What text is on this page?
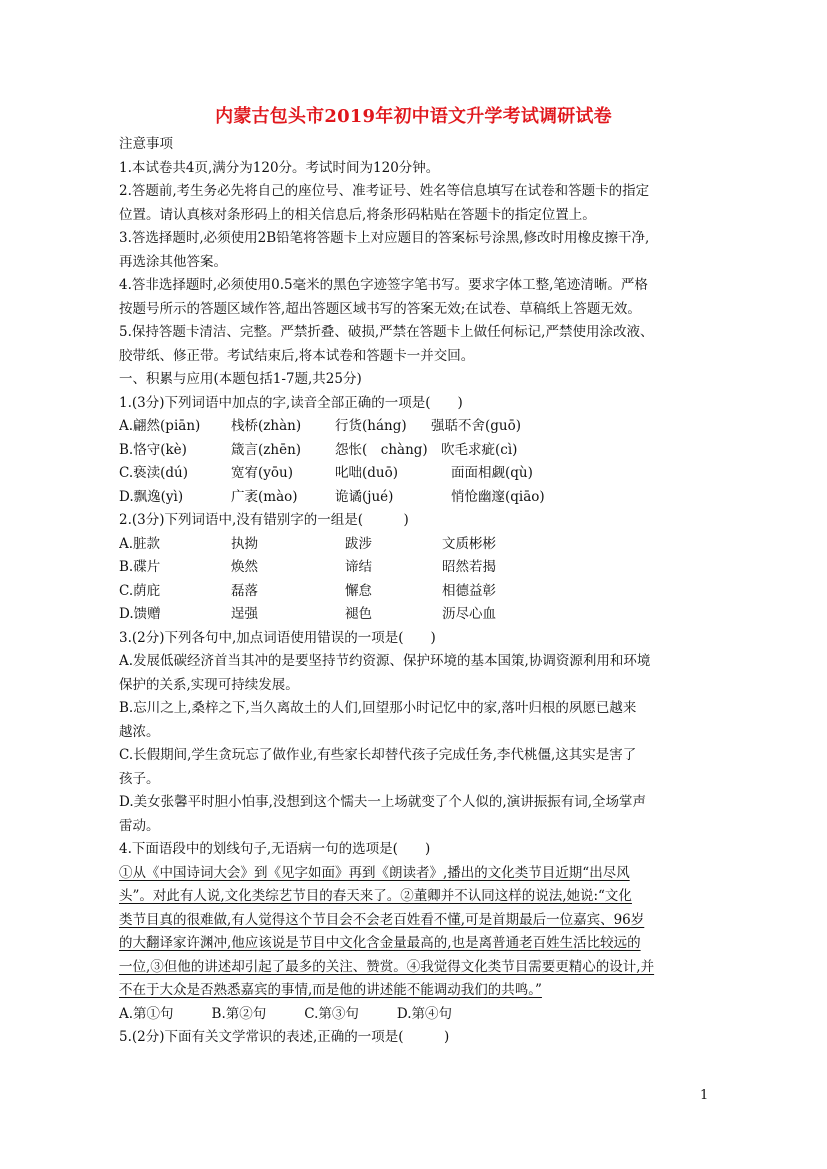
内蒙古包头市2019年初中语文升学考试调研试卷
注意事项
1.本试卷共4页,满分为120分。考试时间为120分钟。
2.答题前,考生务必先将自己的座位号、准考证号、姓名等信息填写在试卷和答题卡的指定
位置。请认真核对条形码上的相关信息后,将条形码粘贴在答题卡的指定位置上。
3.答选择题时,必须使用2B铅笔将答题卡上对应题目的答案标号涂黑,修改时用橡皮擦干净,
再选涂其他答案。
4.答非选择题时,必须使用0.5毫米的黑色字迹签字笔书写。要求字体工整,笔迹清晰。严格
按题号所示的答题区域作答,超出答题区域书写的答案无效;在试卷、草稿纸上答题无效。
5.保持答题卡清洁、完整。严禁折叠、破损,严禁在答题卡上做任何标记,严禁使用涂改液、
胶带纸、修正带。考试结束后,将本试卷和答题卡一并交回。
一、积累与应用(本题包括1-7题,共25分)
1.(3分)下列词语中加点的字,读音全部正确的一项是(　　)
A.翩然(piān)	栈桥(zhàn)	行货(háng)	强聒不舍(guō)
B.恪守(kè)	箴言(zhēn)	怨怅(　chàng) 吹毛求疵(cì)
C.亵渎(dú)	宽宥(yōu)	叱咄(duō)	面面相觑(qù)
D.飘逸(yì)	广袤(mào)	诡谲(jué)	悄怆幽邃(qiāo)
2.(3分)下列词语中,没有错别字的一组是(　　　)
A.脏款	执拗	跋涉	文质彬彬
B.碟片	焕然	谛结	昭然若揭
C.荫庇	磊落	懈怠	相德益彰
D.馈赠	逞强	褪色	沥尽心血
3.(2分)下列各句中,加点词语使用错误的一项是(　　)
A.发展低碳经济首当其冲的是要坚持节约资源、保护环境的基本国策,协调资源利用和环境
保护的关系,实现可持续发展。
B.忘川之上,桑梓之下,当久离故土的人们,回望那小时记忆中的家,落叶归根的夙愿已越来
越浓。
C.长假期间,学生贪玩忘了做作业,有些家长却替代孩子完成任务,李代桃僵,这其实是害了
孩子。
D.美女张馨平时胆小怕事,没想到这个懦夫一上场就变了个人似的,演讲振振有词,全场掌声
雷动。
4.下面语段中的划线句子,无语病一句的选项是(　　)
①从《中国诗词大会》到《见字如面》再到《朗读者》,播出的文化类节目近期“出尽风
头”。对此有人说,文化类综艺节目的春天来了。②董卿并不认同这样的说法,她说:“文化
类节目真的很难做,有人觉得这个节目会不会老百姓看不懂,可是首期最后一位嘉宾、96岁
的大翻译家许渊冲,他应该说是节目中文化含金量最高的,也是离普通老百姓生活比较远的
一位,③但他的讲述却引起了最多的关注、赞赏。④我觉得文化类节目需要更精心的设计,并
不在于大众是否熟悉嘉宾的事情,而是他的讲述能不能调动我们的共鸣。”
A.第①句	B.第②句	C.第③句	D.第④句
5.(2分)下面有关文学常识的表述,正确的一项是(　　　)
1
